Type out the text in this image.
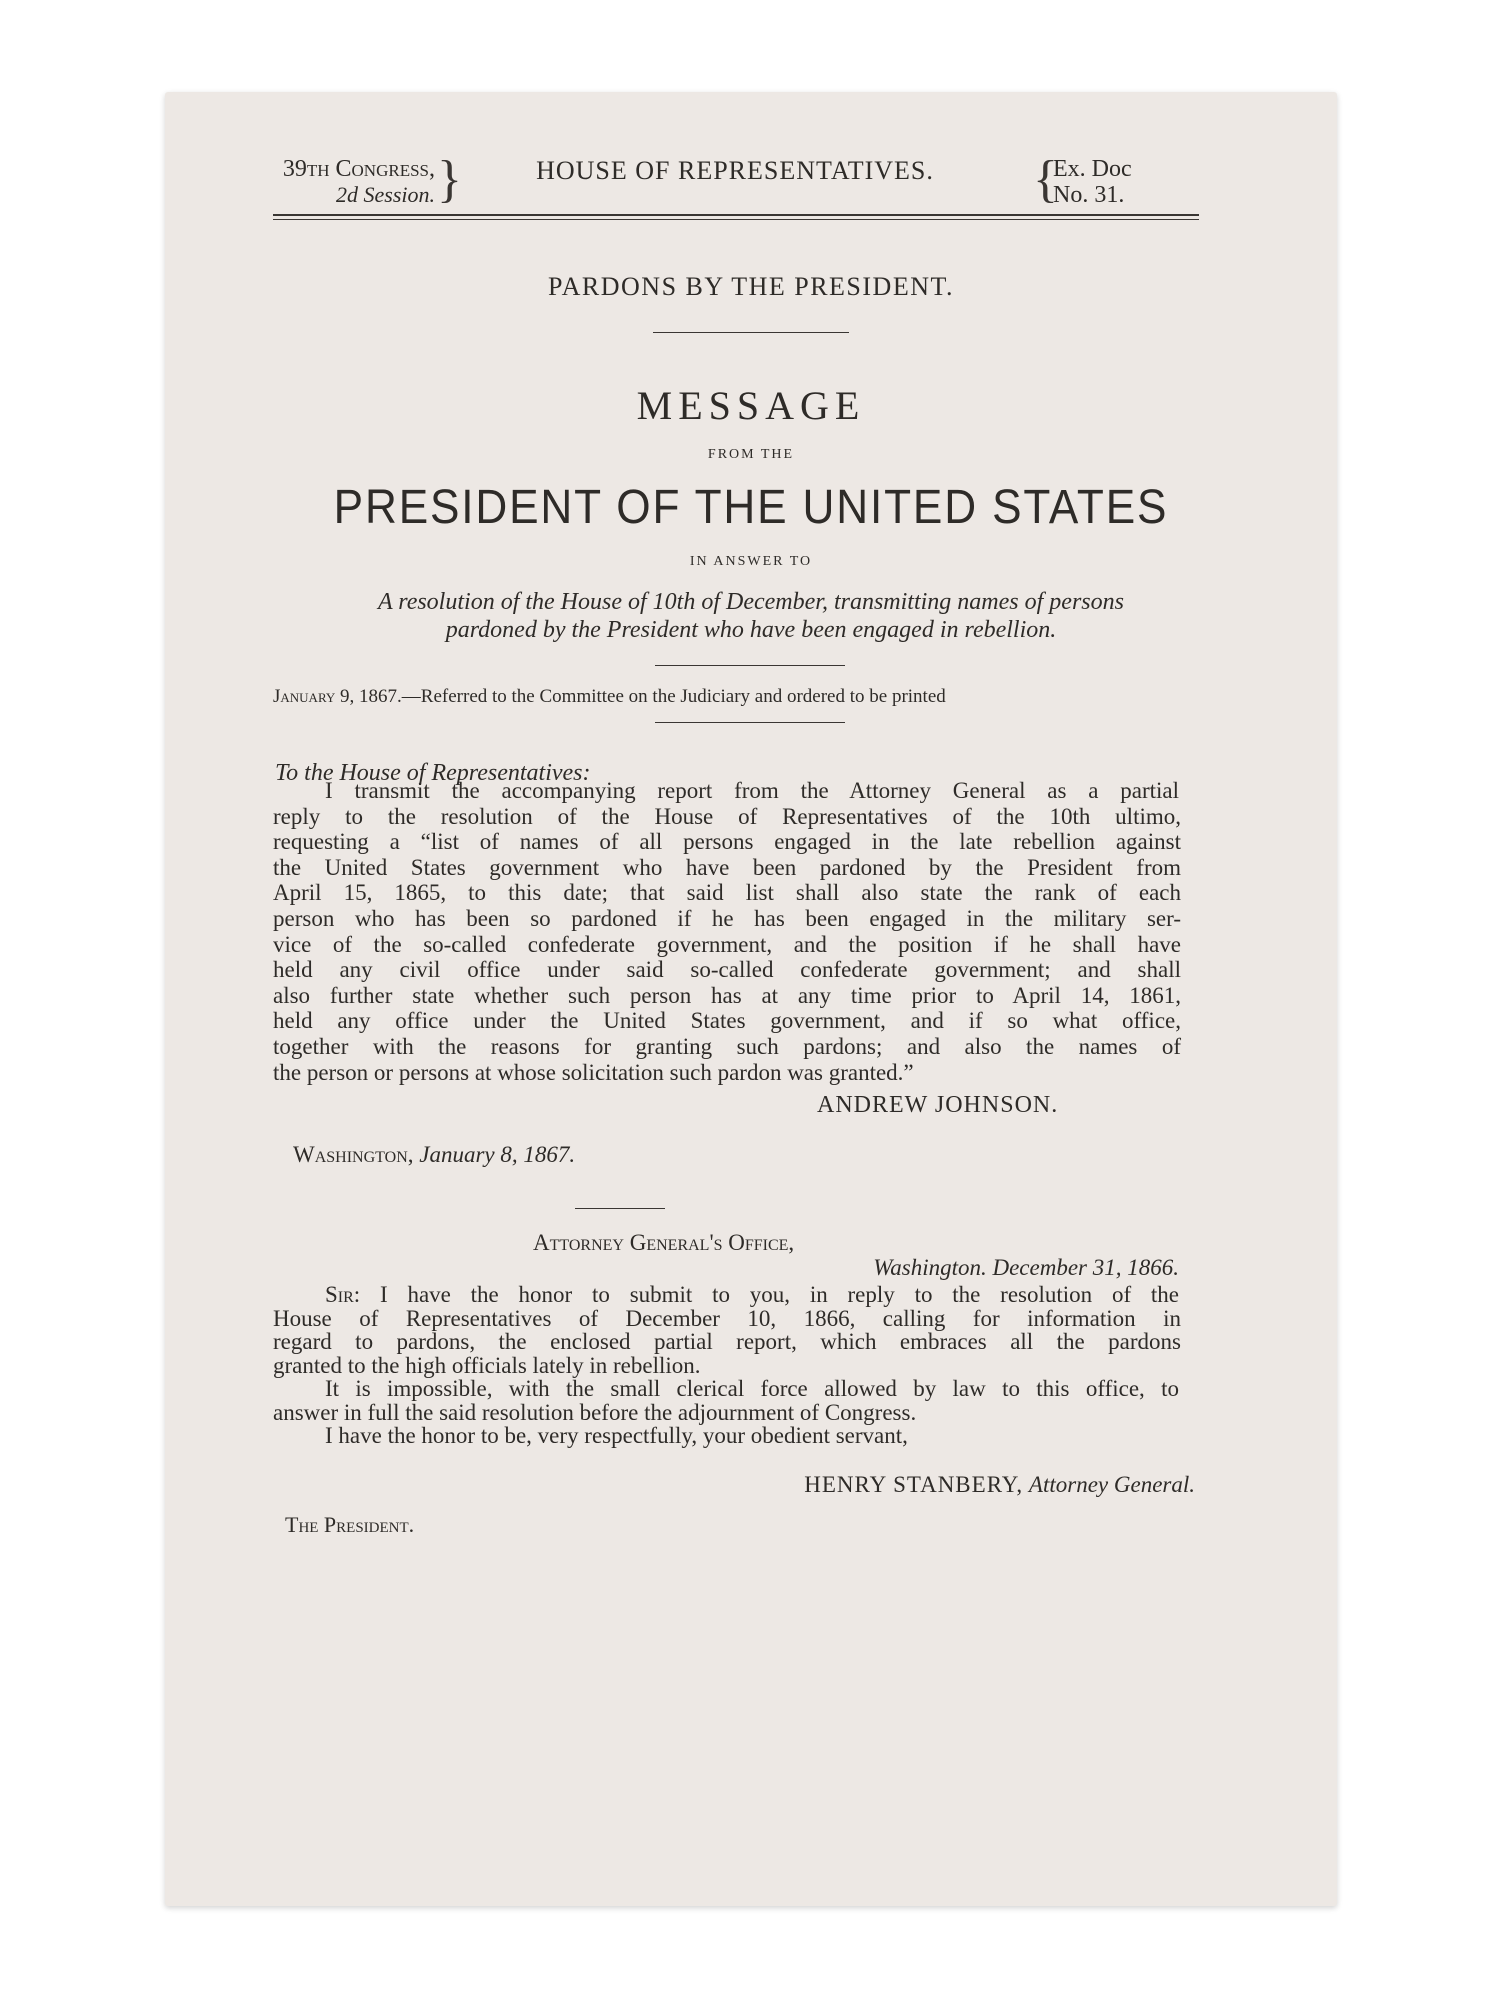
39th Congress,
2d Session. }	HOUSE OF REPRESENTATIVES.	{
Ex. Doc
No. 31.
PARDONS BY THE PRESIDENT.
MESSAGE
FROM THE
PRESIDENT OF THE UNITED STATES
IN ANSWER TO
A resolution of the House of 10th of December, transmitting names of persons
pardoned by the President who have been engaged in rebellion.
January 9, 1867.—Referred to the Committee on the Judiciary and ordered to be printed
To the House of Representatives:
I transmit the accompanying report from the Attorney General as a partial
reply to the resolution of the House of Representatives of the 10th ultimo,
requesting a “list of names of all persons engaged in the late rebellion against
the United States government who have been pardoned by the President from
April 15, 1865, to this date; that said list shall also state the rank of each
person who has been so pardoned if he has been engaged in the military ser-
vice of the so-called confederate government, and the position if he shall have
held any civil office under said so-called confederate government; and shall
also further state whether such person has at any time prior to April 14, 1861,
held any office under the United States government, and if so what office,
together with the reasons for granting such pardons; and also the names of
the person or persons at whose solicitation such pardon was granted.”
ANDREW JOHNSON.
Washington, January 8, 1867.
Attorney General's Office,
Washington. December 31, 1866.
Sir: I have the honor to submit to you, in reply to the resolution of the
House of Representatives of December 10, 1866, calling for information in
regard to pardons, the enclosed partial report, which embraces all the pardons
granted to the high officials lately in rebellion.
It is impossible, with the small clerical force allowed by law to this office, to
answer in full the said resolution before the adjournment of Congress.
I have the honor to be, very respectfully, your obedient servant,
HENRY STANBERY, Attorney General.
The President.
